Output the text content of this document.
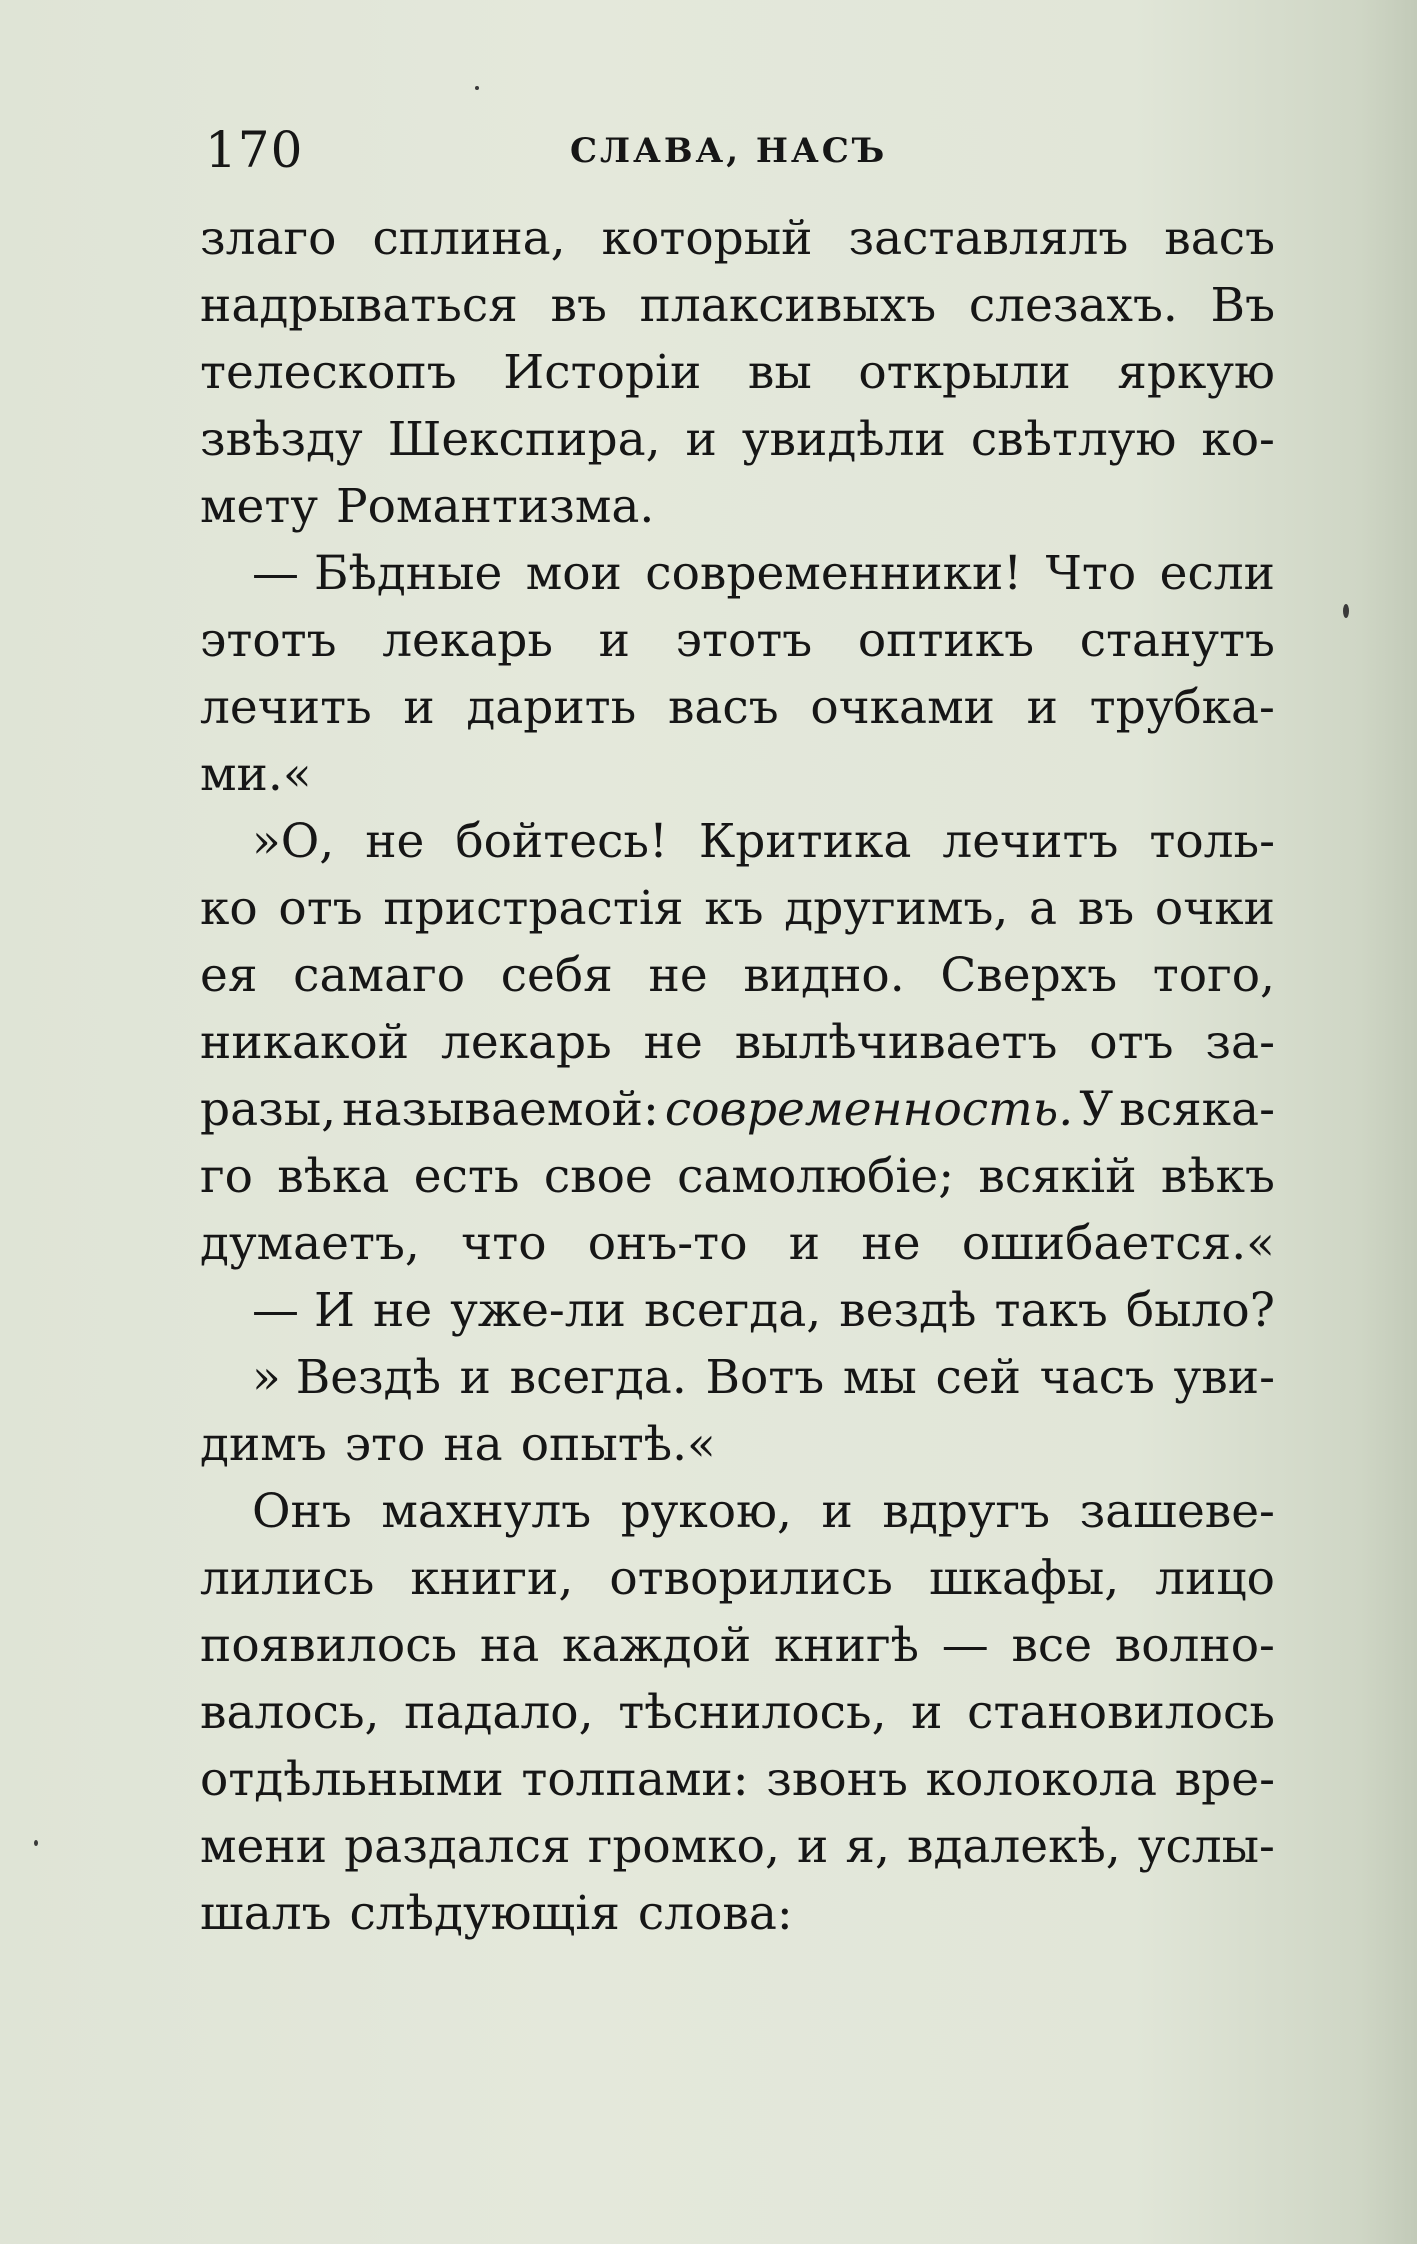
170	СЛАВА, НАСЪ
злаго сплина, который заставлялъ васъ
надрываться въ плаксивыхъ слезахъ. Въ
телескопъ Исторіи вы открыли яркую
звѣзду Шекспира, и увидѣли свѣтлую ко-
мету Романтизма.
— Бѣдные мои современники! Что если
этотъ лекарь и этотъ оптикъ станутъ
лечить и дарить васъ очками и трубка-
ми.«
»О, не бойтесь! Критика лечитъ толь-
ко отъ пристрастія къ другимъ, а въ очки
ея самаго себя не видно. Сверхъ того,
никакой лекарь не вылѣчиваетъ отъ за-
разы, называемой: современность. У всяка-
го вѣка есть свое самолюбіе; всякій вѣкъ
думаетъ, что онъ-то и не ошибается.«
— И не уже-ли всегда, вездѣ такъ было?
» Вездѣ и всегда. Вотъ мы сей часъ уви-
димъ это на опытѣ.«
Онъ махнулъ рукою, и вдругъ зашеве-
лились книги, отворились шкафы, лицо
появилось на каждой книгѣ — все волно-
валось, падало, тѣснилось, и становилось
отдѣльными толпами: звонъ колокола вре-
мени раздался громко, и я, вдалекѣ, услы-
шалъ слѣдующія слова:
